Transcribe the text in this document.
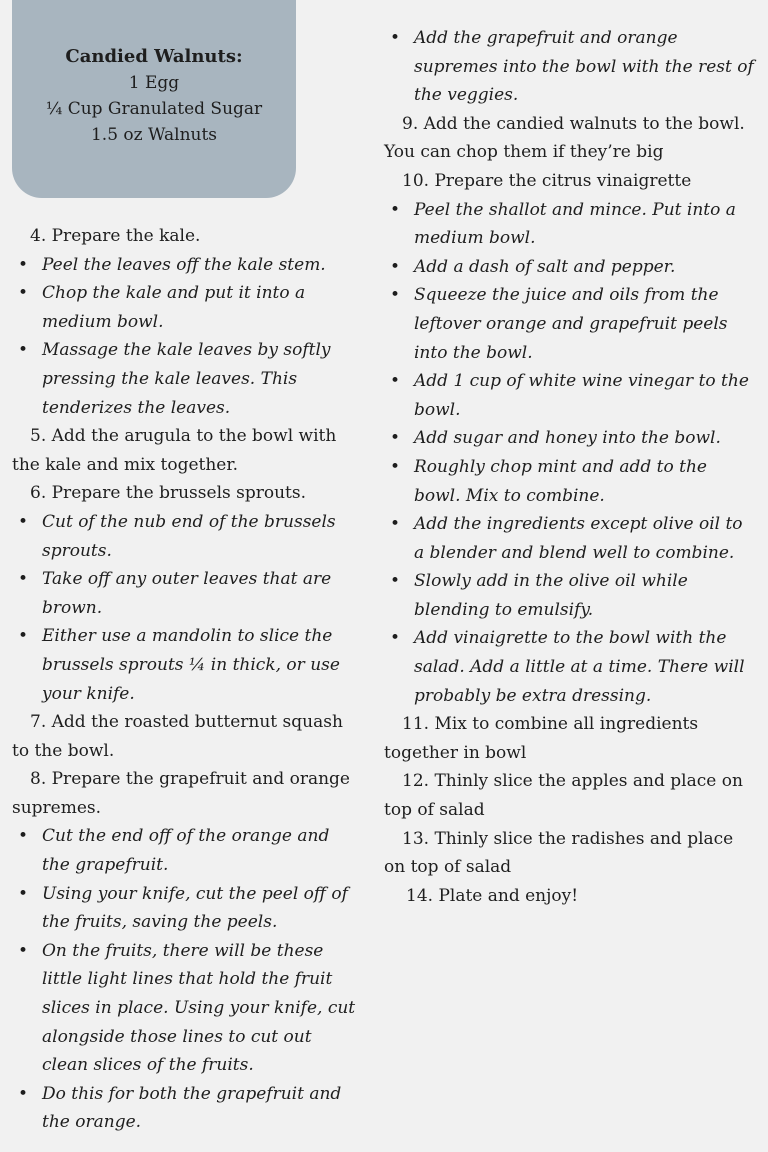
Candied Walnuts:
1 Egg
¼ Cup Granulated Sugar
1.5 oz Walnuts
4. Prepare the kale.
• Peel the leaves off the kale stem.
• Chop the kale and put it into a medium bowl.
• Massage the kale leaves by softly pressing the kale leaves. This tenderizes the leaves.
5. Add the arugula to the bowl with the kale and mix together.
6. Prepare the brussels sprouts.
• Cut of the nub end of the brussels sprouts.
• Take off any outer leaves that are brown.
• Either use a mandolin to slice the brussels sprouts ¼ in thick, or use your knife.
7. Add the roasted butternut squash to the bowl.
8. Prepare the grapefruit and orange supremes.
• Cut the end off of the orange and the grapefruit.
• Using your knife, cut the peel off of the fruits, saving the peels.
• On the fruits, there will be these little light lines that hold the fruit slices in place. Using your knife, cut alongside those lines to cut out clean slices of the fruits.
• Do this for both the grapefruit and the orange.
• Add the grapefruit and orange supremes into the bowl with the rest of the veggies.
9. Add the candied walnuts to the bowl. You can chop them if they’re big
10. Prepare the citrus vinaigrette
• Peel the shallot and mince. Put into a medium bowl.
• Add a dash of salt and pepper.
• Squeeze the juice and oils from the leftover orange and grapefruit peels into the bowl.
• Add 1 cup of white wine vinegar to the bowl.
• Add sugar and honey into the bowl.
• Roughly chop mint and add to the bowl. Mix to combine.
• Add the ingredients except olive oil to a blender and blend well to combine.
• Slowly add in the olive oil while blending to emulsify.
• Add vinaigrette to the bowl with the salad. Add a little at a time. There will probably be extra dressing.
11. Mix to combine all ingredients together in bowl
12. Thinly slice the apples and place on top of salad
13. Thinly slice the radishes and place on top of salad
14. Plate and enjoy!
